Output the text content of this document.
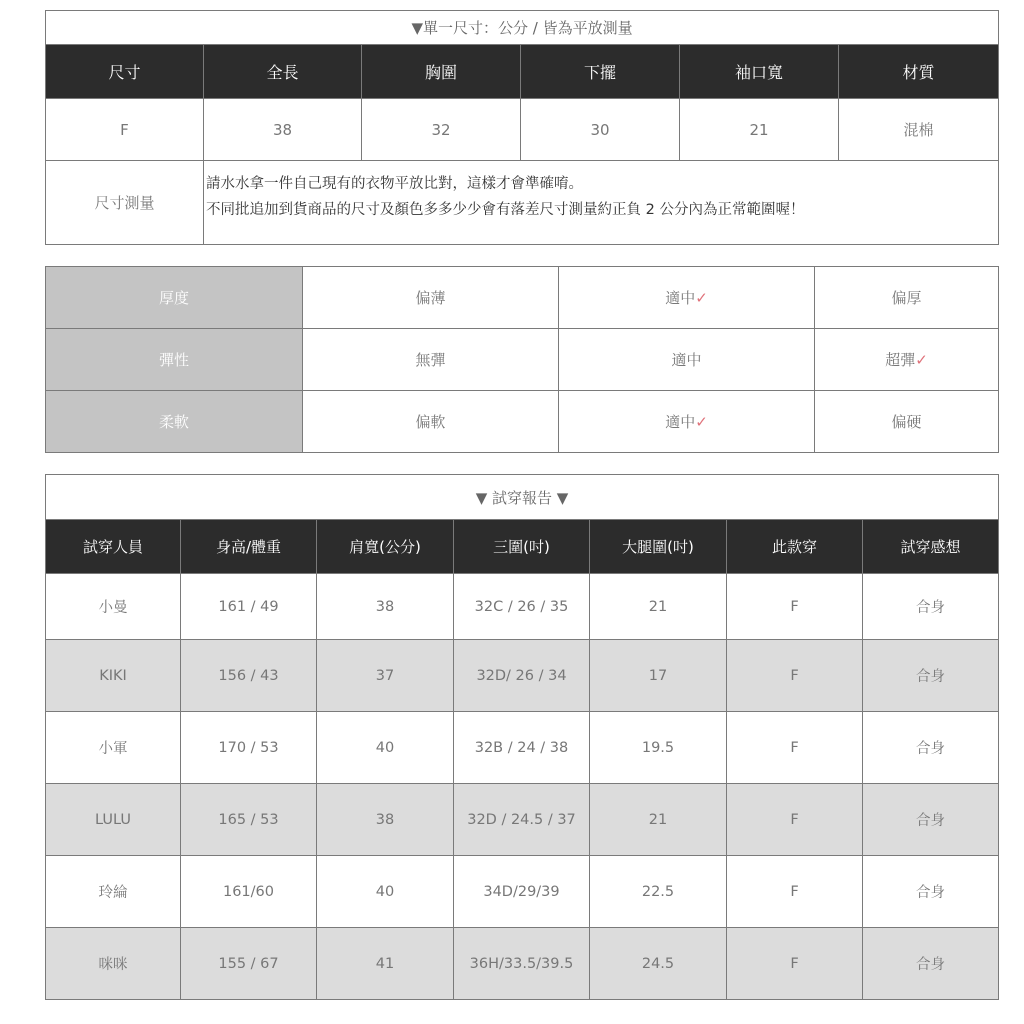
▼單一尺寸：公分 / 皆為平放測量					
尺寸	全長	胸圍	下擺	袖口寬	材質
F	38	32	30	21	混棉
尺寸測量	請水水拿一件自己現有的衣物平放比對，這樣才會準確唷。
不同批追加到貨商品的尺寸及顏色多多少少會有落差尺寸測量約正負 2 公分內為正常範圍喔！				
厚度	偏薄	適中✓	偏厚
彈性	無彈	適中	超彈✓
柔軟	偏軟	適中✓	偏硬
▼ 試穿報告 ▼						
試穿人員	身高/體重	肩寬(公分)	三圍(吋)	大腿圍(吋)	此款穿	試穿感想
小曼	161 / 49	38	32C / 26 / 35	21	F	合身
KIKI	156 / 43	37	32D/ 26 / 34	17	F	合身
小軍	170 / 53	40	32B / 24 / 38	19.5	F	合身
LULU	165 / 53	38	32D / 24.5 / 37	21	F	合身
玲綸	161/60	40	34D/29/39	22.5	F	合身
咪咪	155 / 67	41	36H/33.5/39.5	24.5	F	合身
